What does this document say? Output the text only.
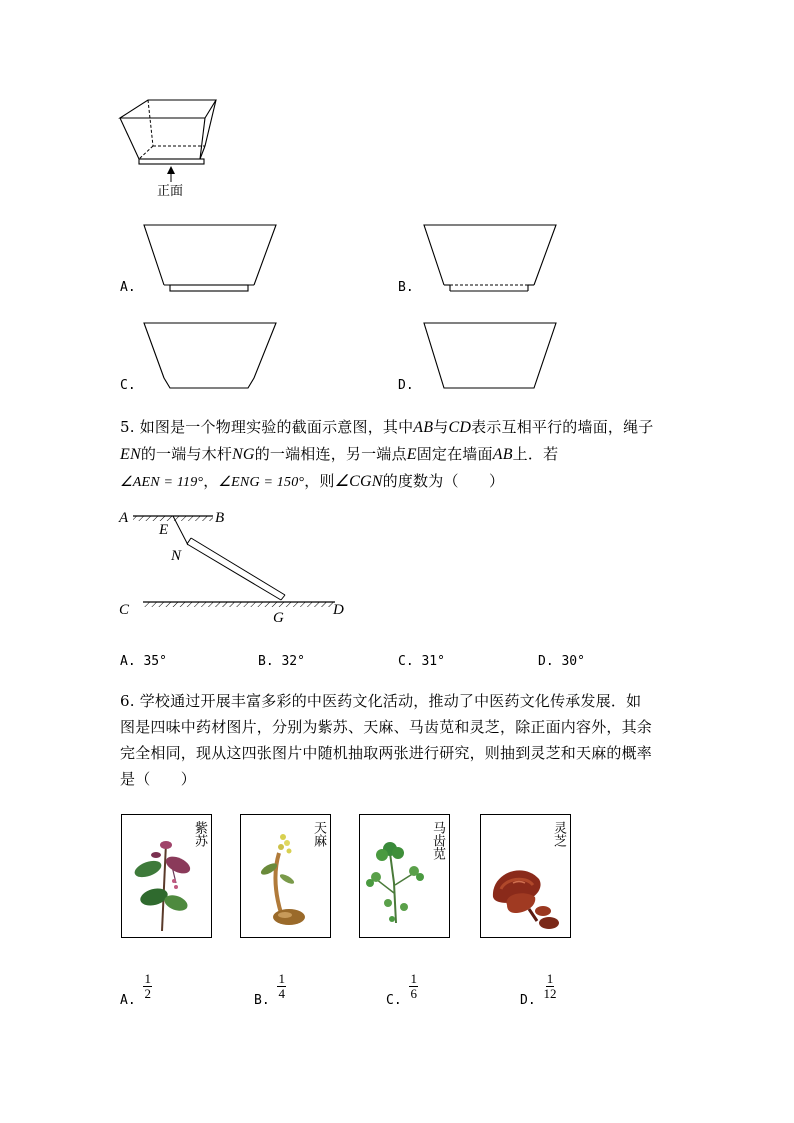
正面
A.	B.
C.	D.
5. 如图是一个物理实验的截面示意图，其中AB与CD表示互相平行的墙面，绳子
EN的一端与木杆NG的一端相连，另一端点E固定在墙面AB上．若
∠AEN = 119°，∠ENG = 150°，则∠CGN的度数为（　　）
A	B
E
N
C	G	D
A. 35°	B. 32°	C. 31°	D. 30°
6. 学校通过开展丰富多彩的中医药文化活动，推动了中医药文化传承发展．如
图是四味中药材图片，分别为紫苏、天麻、马齿苋和灵芝，除正面内容外，其余
完全相同，现从这四张图片中随机抽取两张进行研究，则抽到灵芝和天麻的概率
是（　　）
紫苏	天麻	马齿苋	灵芝
A. $\frac{1}{2}$	B. $\frac{1}{4}$	C. $\frac{1}{6}$	D. $\frac{1}{12}$
